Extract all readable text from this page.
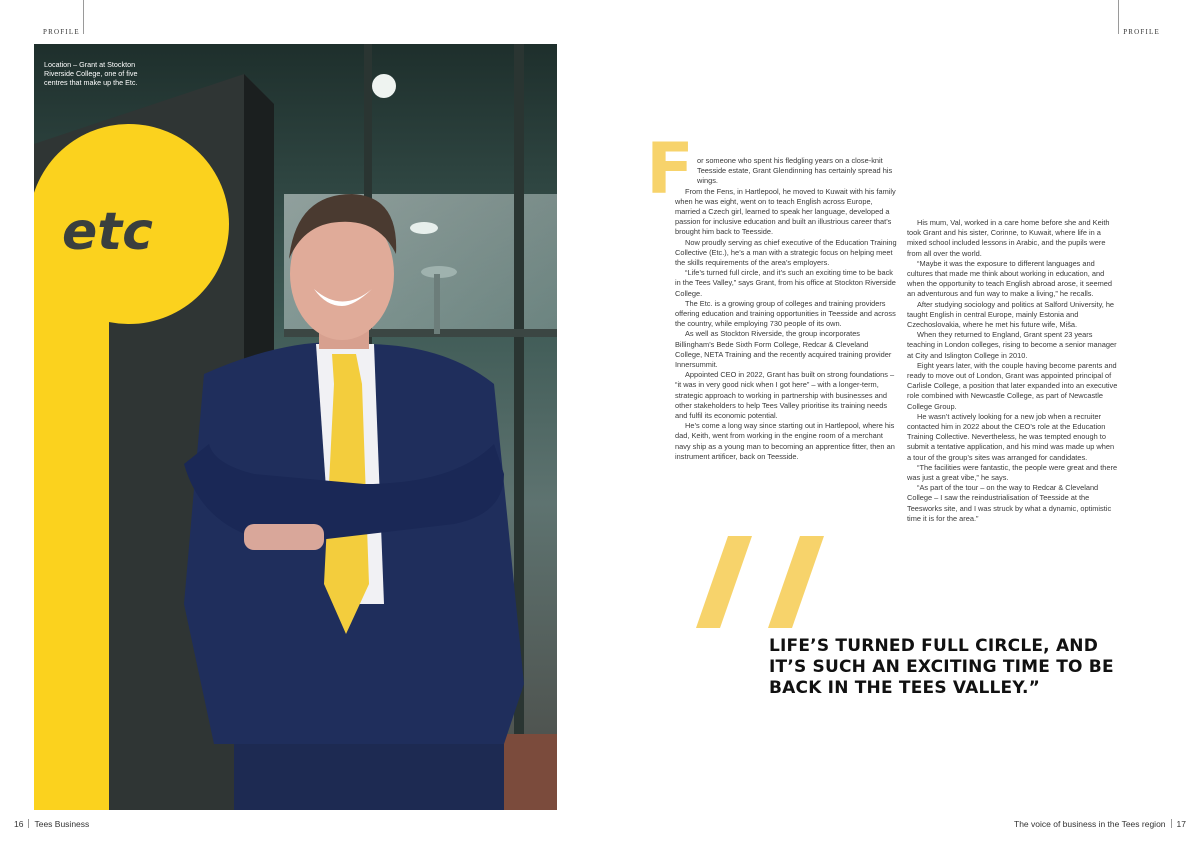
PROFILE	PROFILE
etc
Location – Grant at Stockton Riverside College, one of five centres that make up the Etc.
F or someone who spent his fledgling years on a close-knit Teesside estate, Grant Glendinning has certainly spread his wings.

From the Fens, in Hartlepool, he moved to Kuwait with his family when he was eight, went on to teach English across Europe, married a Czech girl, learned to speak her language, developed a passion for inclusive education and built an illustrious career that’s brought him back to Teesside.

Now proudly serving as chief executive of the Education Training Collective (Etc.), he’s a man with a strategic focus on helping meet the skills requirements of the area’s employers.

“Life’s turned full circle, and it’s such an exciting time to be back in the Tees Valley,” says Grant, from his office at Stockton Riverside College.

The Etc. is a growing group of colleges and training providers offering education and training opportunities in Teesside and across the country, while employing 730 people of its own.

As well as Stockton Riverside, the group incorporates Billingham’s Bede Sixth Form College, Redcar & Cleveland College, NETA Training and the recently acquired training provider Innersummit.

Appointed CEO in 2022, Grant has built on strong foundations – “it was in very good nick when I got here” – with a longer-term, strategic approach to working in partnership with businesses and other stakeholders to help Tees Valley prioritise its training needs and fulfil its economic potential.

He’s come a long way since starting out in Hartlepool, where his dad, Keith, went from working in the engine room of a merchant navy ship as a young man to becoming an apprentice fitter, then an instrument artificer, back on Teesside.

His mum, Val, worked in a care home before she and Keith took Grant and his sister, Corinne, to Kuwait, where life in a mixed school included lessons in Arabic, and the pupils were from all over the world.

“Maybe it was the exposure to different languages and cultures that made me think about working in education, and when the opportunity to teach English abroad arose, it seemed an adventurous and fun way to make a living,” he recalls.

After studying sociology and politics at Salford University, he taught English in central Europe, mainly Estonia and Czechoslovakia, where he met his future wife, Miša.

When they returned to England, Grant spent 23 years teaching in London colleges, rising to become a senior manager at City and Islington College in 2010.

Eight years later, with the couple having become parents and ready to move out of London, Grant was appointed principal of Carlisle College, a position that later expanded into an executive role combined with Newcastle College, as part of Newcastle College Group.

He wasn’t actively looking for a new job when a recruiter contacted him in 2022 about the CEO’s role at the Education Training Collective. Nevertheless, he was tempted enough to submit a tentative application, and his mind was made up when a tour of the group’s sites was arranged for candidates.

“The facilities were fantastic, the people were great and there was just a great vibe,” he says.

“As part of the tour – on the way to Redcar & Cleveland College – I saw the reindustrialisation of Teesside at the Teesworks site, and I was struck by what a dynamic, optimistic time it is for the area.”

LIFE’S TURNED FULL CIRCLE, AND IT’S SUCH AN EXCITING TIME TO BE BACK IN THE TEES VALLEY.”
16 Tees Business	The voice of business in the Tees region 17
